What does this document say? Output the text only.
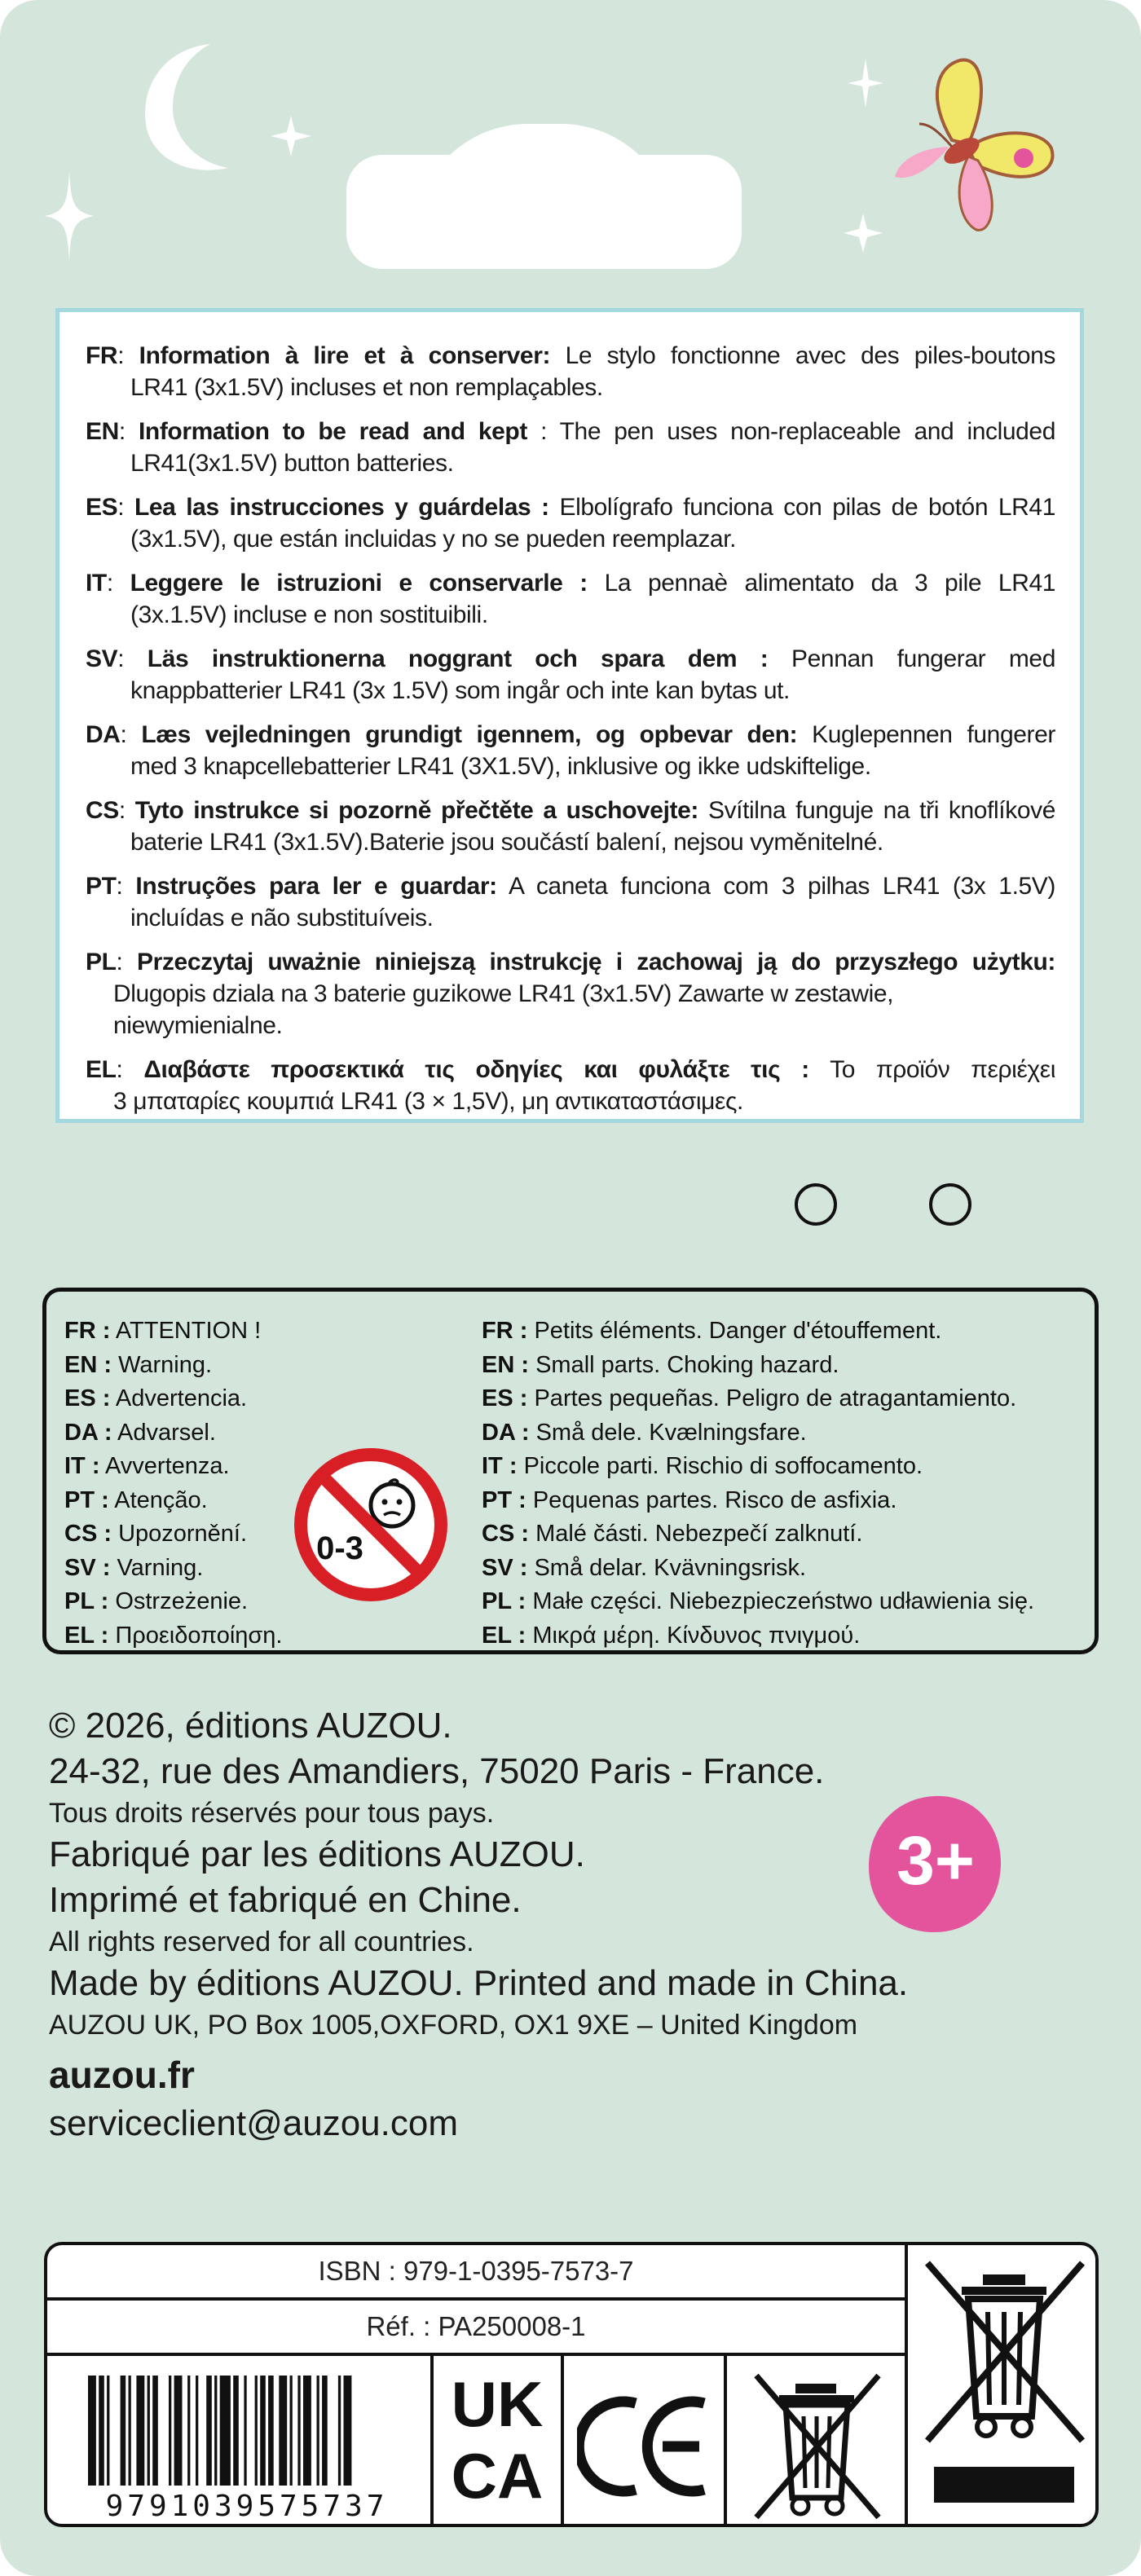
FR: Information à lire et à conserver: Le stylo fonctionne avec des piles-boutons
LR41 (3x1.5V) incluses et non remplaçables.
EN: Information to be read and kept : The pen uses non-replaceable and included
LR41(3x1.5V) button batteries.
ES: Lea las instrucciones y guárdelas : Elbolígrafo funciona con pilas de botón LR41
(3x1.5V), que están incluidas y no se pueden reemplazar.
IT: Leggere le istruzioni e conservarle : La pennaè alimentato da 3 pile LR41
(3x.1.5V) incluse e non sostituibili.
SV: Läs instruktionerna noggrant och spara dem : Pennan fungerar med
knappbatterier LR41 (3x 1.5V) som ingår och inte kan bytas ut.
DA: Læs vejledningen grundigt igennem, og opbevar den: Kuglepennen fungerer
med 3 knapcellebatterier LR41 (3X1.5V), inklusive og ikke udskiftelige.
CS: Tyto instrukce si pozorně přečtěte a uschovejte: Svítilna funguje na tři knoflíkové
baterie LR41 (3x1.5V).Baterie jsou součástí balení, nejsou vyměnitelné.
PT: Instruções para ler e guardar: A caneta funciona com 3 pilhas LR41 (3x 1.5V)
incluídas e não substituíveis.
PL: Przeczytaj uważnie niniejszą instrukcję i zachowaj ją do przyszłego użytku:
Dlugopis dziala na 3 baterie guzikowe LR41 (3x1.5V) Zawarte w zestawie, niewymienialne.
EL: Διαβάστε προσεκτικά τις οδηγίες και φυλάξτε τις : Το προϊόν περιέχει
3 μπαταρίες κουμπιά LR41 (3 × 1,5V), μη αντικαταστάσιμες.
FR : ATTENTION !
EN : Warning.
ES : Advertencia.
DA : Advarsel.
IT : Avvertenza.
PT : Atenção.
CS : Upozornění.
SV : Varning.
PL : Ostrzeżenie.
EL : Προειδοποίηση.
0-3
FR : Petits éléments. Danger d'étouffement.
EN : Small parts. Choking hazard.
ES : Partes pequeñas. Peligro de atragantamiento.
DA : Små dele. Kvælningsfare.
IT : Piccole parti. Rischio di soffocamento.
PT : Pequenas partes. Risco de asfixia.
CS : Malé části. Nebezpečí zalknutí.
SV : Små delar. Kvävningsrisk.
PL : Małe części. Niebezpieczeństwo udławienia się.
EL : Μικρά μέρη. Κίνδυνος πνιγμού.
© 2026, éditions AUZOU.
24-32, rue des Amandiers, 75020 Paris - France.
Tous droits réservés pour tous pays.
Fabriqué par les éditions AUZOU.
Imprimé et fabriqué en Chine.
All rights reserved for all countries.
Made by éditions AUZOU. Printed and made in China.
AUZOU UK, PO Box 1005,OXFORD, OX1 9XE – United Kingdom
auzou.fr
serviceclient@auzou.com
3+
ISBN : 979-1-0395-7573-7
Réf. : PA250008-1
9791039575737
UK
CA
